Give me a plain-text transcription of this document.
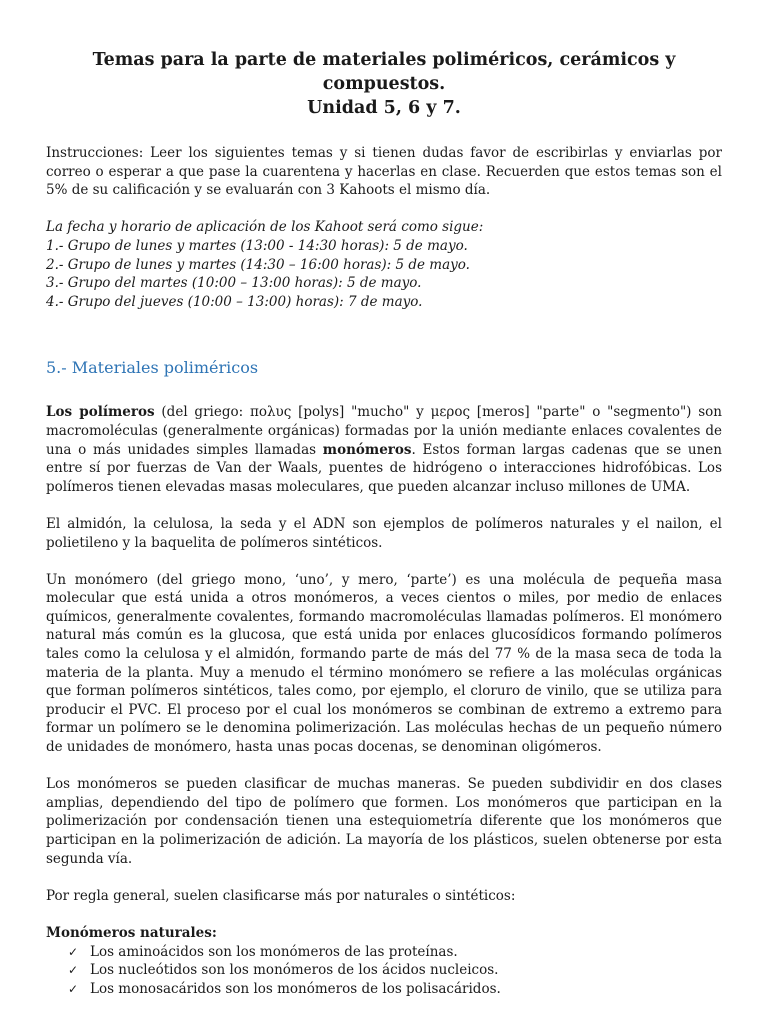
Temas para la parte de materiales poliméricos, cerámicos y compuestos.
Unidad 5, 6 y 7.

Instrucciones: Leer los siguientes temas y si tienen dudas favor de escribirlas y enviarlas por correo o esperar a que pase la cuarentena y hacerlas en clase. Recuerden que estos temas son el 5% de su calificación y se evaluarán con 3 Kahoots el mismo día.

La fecha y horario de aplicación de los Kahoot será como sigue:

1.- Grupo de lunes y martes (13:00 - 14:30 horas): 5 de mayo.
2.- Grupo de lunes y martes (14:30 – 16:00 horas): 5 de mayo.
3.- Grupo del martes (10:00 – 13:00 horas): 5 de mayo.
4.- Grupo del jueves (10:00 – 13:00) horas): 7 de mayo.
5.- Materiales poliméricos

Los polímeros (del griego: πολυς [polys] "mucho" y μερος [meros] "parte" o "segmento") son macromoléculas (generalmente orgánicas) formadas por la unión mediante enlaces covalentes de una o más unidades simples llamadas monómeros. Estos forman largas cadenas que se unen entre sí por fuerzas de Van der Waals, puentes de hidrógeno o interacciones hidrofóbicas. Los polímeros tienen elevadas masas moleculares, que pueden alcanzar incluso millones de UMA.

El almidón, la celulosa, la seda y el ADN son ejemplos de polímeros naturales y el nailon, el polietileno y la baquelita de polímeros sintéticos.

Un monómero (del griego mono, ‘uno’, y mero, ‘parte’) es una molécula de pequeña masa molecular que está unida a otros monómeros, a veces cientos o miles, por medio de enlaces químicos, generalmente covalentes, formando macromoléculas llamadas polímeros. El monómero natural más común es la glucosa, que está unida por enlaces glucosídicos formando polímeros tales como la celulosa y el almidón, formando parte de más del 77 % de la masa seca de toda la materia de la planta. Muy a menudo el término monómero se refiere a las moléculas orgánicas que forman polímeros sintéticos, tales como, por ejemplo, el cloruro de vinilo, que se utiliza para producir el PVC. El proceso por el cual los monómeros se combinan de extremo a extremo para formar un polímero se le denomina polimerización. Las moléculas hechas de un pequeño número de unidades de monómero, hasta unas pocas docenas, se denominan oligómeros.

Los monómeros se pueden clasificar de muchas maneras. Se pueden subdividir en dos clases amplias, dependiendo del tipo de polímero que formen. Los monómeros que participan en la polimerización por condensación tienen una estequiometría diferente que los monómeros que participan en la polimerización de adición. La mayoría de los plásticos, suelen obtenerse por esta segunda vía.

Por regla general, suelen clasificarse más por naturales o sintéticos:

Monómeros naturales:

✓ Los aminoácidos son los monómeros de las proteínas.
✓ Los nucleótidos son los monómeros de los ácidos nucleicos.
✓ Los monosacáridos son los monómeros de los polisacáridos.
